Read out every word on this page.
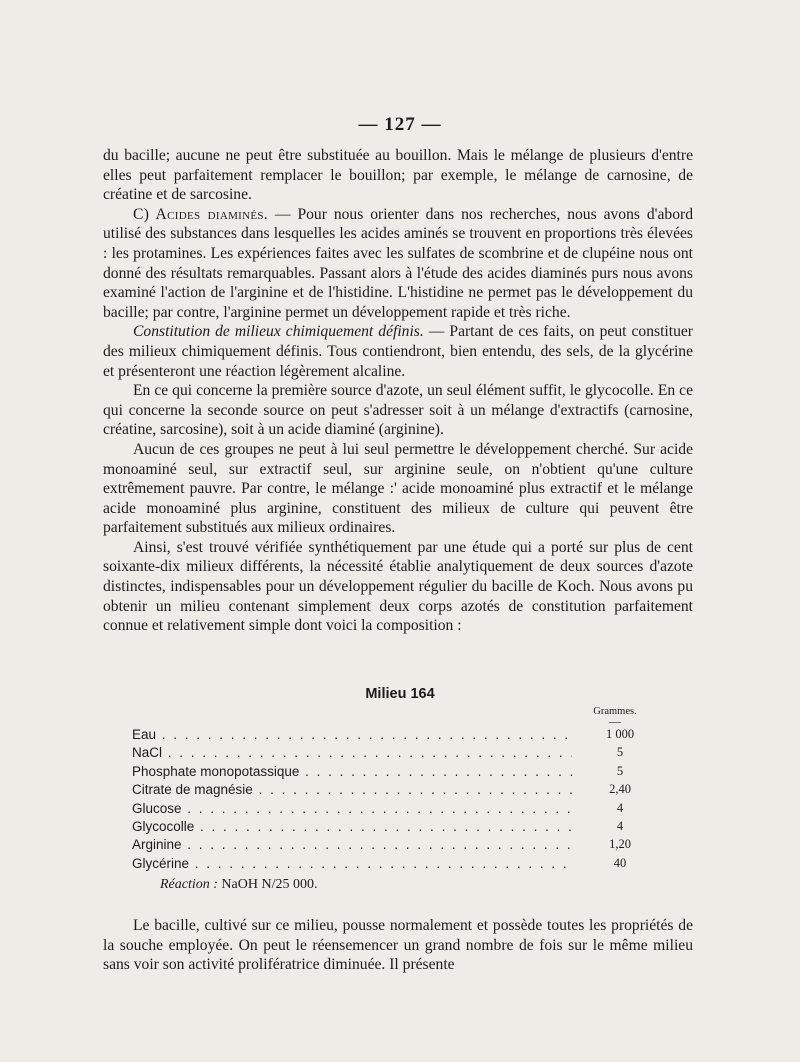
— 127 —

du bacille; aucune ne peut être substituée au bouillon. Mais le mélange de plusieurs d'entre elles peut parfaitement remplacer le bouillon; par exemple, le mélange de carnosine, de créatine et de sarcosine.

C) Acides diaminés. — Pour nous orienter dans nos recherches, nous avons d'abord utilisé des substances dans lesquelles les acides aminés se trouvent en proportions très élevées : les protamines. Les expériences faites avec les sulfates de scombrine et de clupéine nous ont donné des résultats remarquables. Passant alors à l'étude des acides diaminés purs nous avons examiné l'action de l'arginine et de l'histidine. L'histidine ne permet pas le développement du bacille; par contre, l'arginine permet un développement rapide et très riche.

Constitution de milieux chimiquement définis. — Partant de ces faits, on peut constituer des milieux chimiquement définis. Tous contiendront, bien entendu, des sels, de la glycérine et présenteront une réaction légèrement alcaline.

En ce qui concerne la première source d'azote, un seul élément suffit, le glycocolle. En ce qui concerne la seconde source on peut s'adresser soit à un mélange d'extractifs (carnosine, créatine, sarcosine), soit à un acide diaminé (arginine).

Aucun de ces groupes ne peut à lui seul permettre le développement cherché. Sur acide monoaminé seul, sur extractif seul, sur arginine seule, on n'obtient qu'une culture extrêmement pauvre. Par contre, le mélange :' acide monoaminé plus extractif et le mélange acide monoaminé plus arginine, constituent des milieux de culture qui peuvent être parfaitement substitués aux milieux ordinaires.

Ainsi, s'est trouvé vérifiée synthétiquement par une étude qui a porté sur plus de cent soixante-dix milieux différents, la nécessité établie analytiquement de deux sources d'azote distinctes, indispensables pour un développement régulier du bacille de Koch. Nous avons pu obtenir un milieu contenant simplement deux corps azotés de constitution parfaitement connue et relativement simple dont voici la composition :

Milieu 164
Grammes.
—
Eau . . .	1 000
NaCl . . .	5
Phosphate monopotassique . . .	5
Citrate de magnésie . . .	2,40
Glucose . . .	4
Glycocolle . . .	4
Arginine . . .	1,20
Glycérine . . .	40
Réaction : NaOH N/25 000.

Le bacille, cultivé sur ce milieu, pousse normalement et possède toutes les propriétés de la souche employée. On peut le réensemencer un grand nombre de fois sur le même milieu sans voir son activité prolifératrice diminuée. Il présente
